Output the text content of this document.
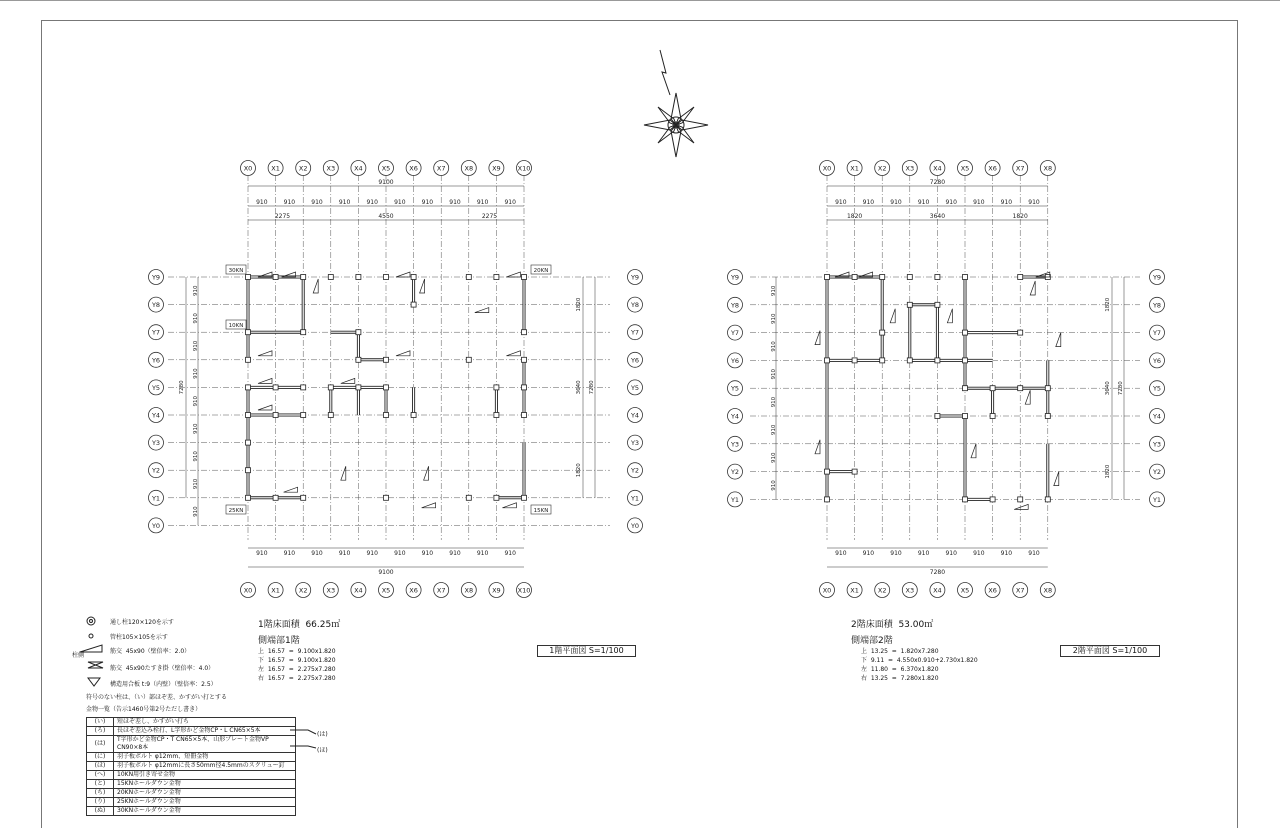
X0
X0
X1
X1
X2
X2
X3
X3
X4
X4
X5
X5
X6
X6
X7
X7
X8
X8
X9
X9
X10
X10
Y9	Y9
Y8	Y8
Y7	Y7
Y6	Y6
Y5	Y5
Y4	Y4
Y3	Y3
Y2	Y2
Y1	Y1
Y0	Y0
9100
910	910	910	910	910	910	910	910	910	910
2275	4550	2275
910	910	910	910	910	910	910	910	910	910
9100
910
910
910
910
910
910
910
910
910
7280
1820
3640
1820
7280
X0
X0
X1
X1
X2
X2
X3
X3
X4
X4
X5
X5
X6
X6
X7
X7
X8
X8
Y9	Y9
Y8	Y8
Y7	Y7
Y6	Y6
Y5	Y5
Y4	Y4
Y3	Y3
Y2	Y2
Y1	Y1
7280
910	910	910	910	910	910	910	910
1820	3640	1820
910	910	910	910	910	910	910	910
7280
910
910
910
910
910
910
910
910
1820
3640
1820
7280
30KN	20KN
10KN
25KN	15KN
1階床面積  66.25㎡
側端部1階
上  16.57  =  9.100x1.820
下  16.57  =  9.100x1.820
左  16.57  =  2.275x7.280
右  16.57  =  2.275x7.280
1階平面図 S=1/100
2階床面積  53.00㎡
側端部2階
上  13.25  =  1.820x7.280
下  9.11  =  4.550x0.910+2.730x1.820
左  11.80  =  6.370x1.820
右  13.25  =  7.280x1.820
2階平面図 S=1/100
柱側
通し柱120×120を示す
管柱105×105を示す
筋交  45x90（壁倍率：2.0）
筋交  45x90たすき掛（壁倍率：4.0）
構造用合板 t:9（内壁）（壁倍率：2.5）
符号のない柱は、（い）部ほぞ差、かすがい打とする
金物一覧（告示1460号第2号ただし書き）
(い)	短ほぞ差し、かすがい打ち
(ろ)	長ほぞ差込み栓打、L字形かど金物CP・L CN65×5本
(は)	T字形かど金物CP・T CN65×5本、山形プレート金物VP CN90×8本
(に)	羽子板ボルト φ12mm、短冊金物
(ほ)	羽子板ボルト φ12mmに長さ50mm径4.5mmのスクリュー釘
(へ)	10KN用引き寄せ金物
(と)	15KNホールダウン金物
(ち)	20KNホールダウン金物
(り)	25KNホールダウン金物
(ぬ)	30KNホールダウン金物
(は)
(ほ)
